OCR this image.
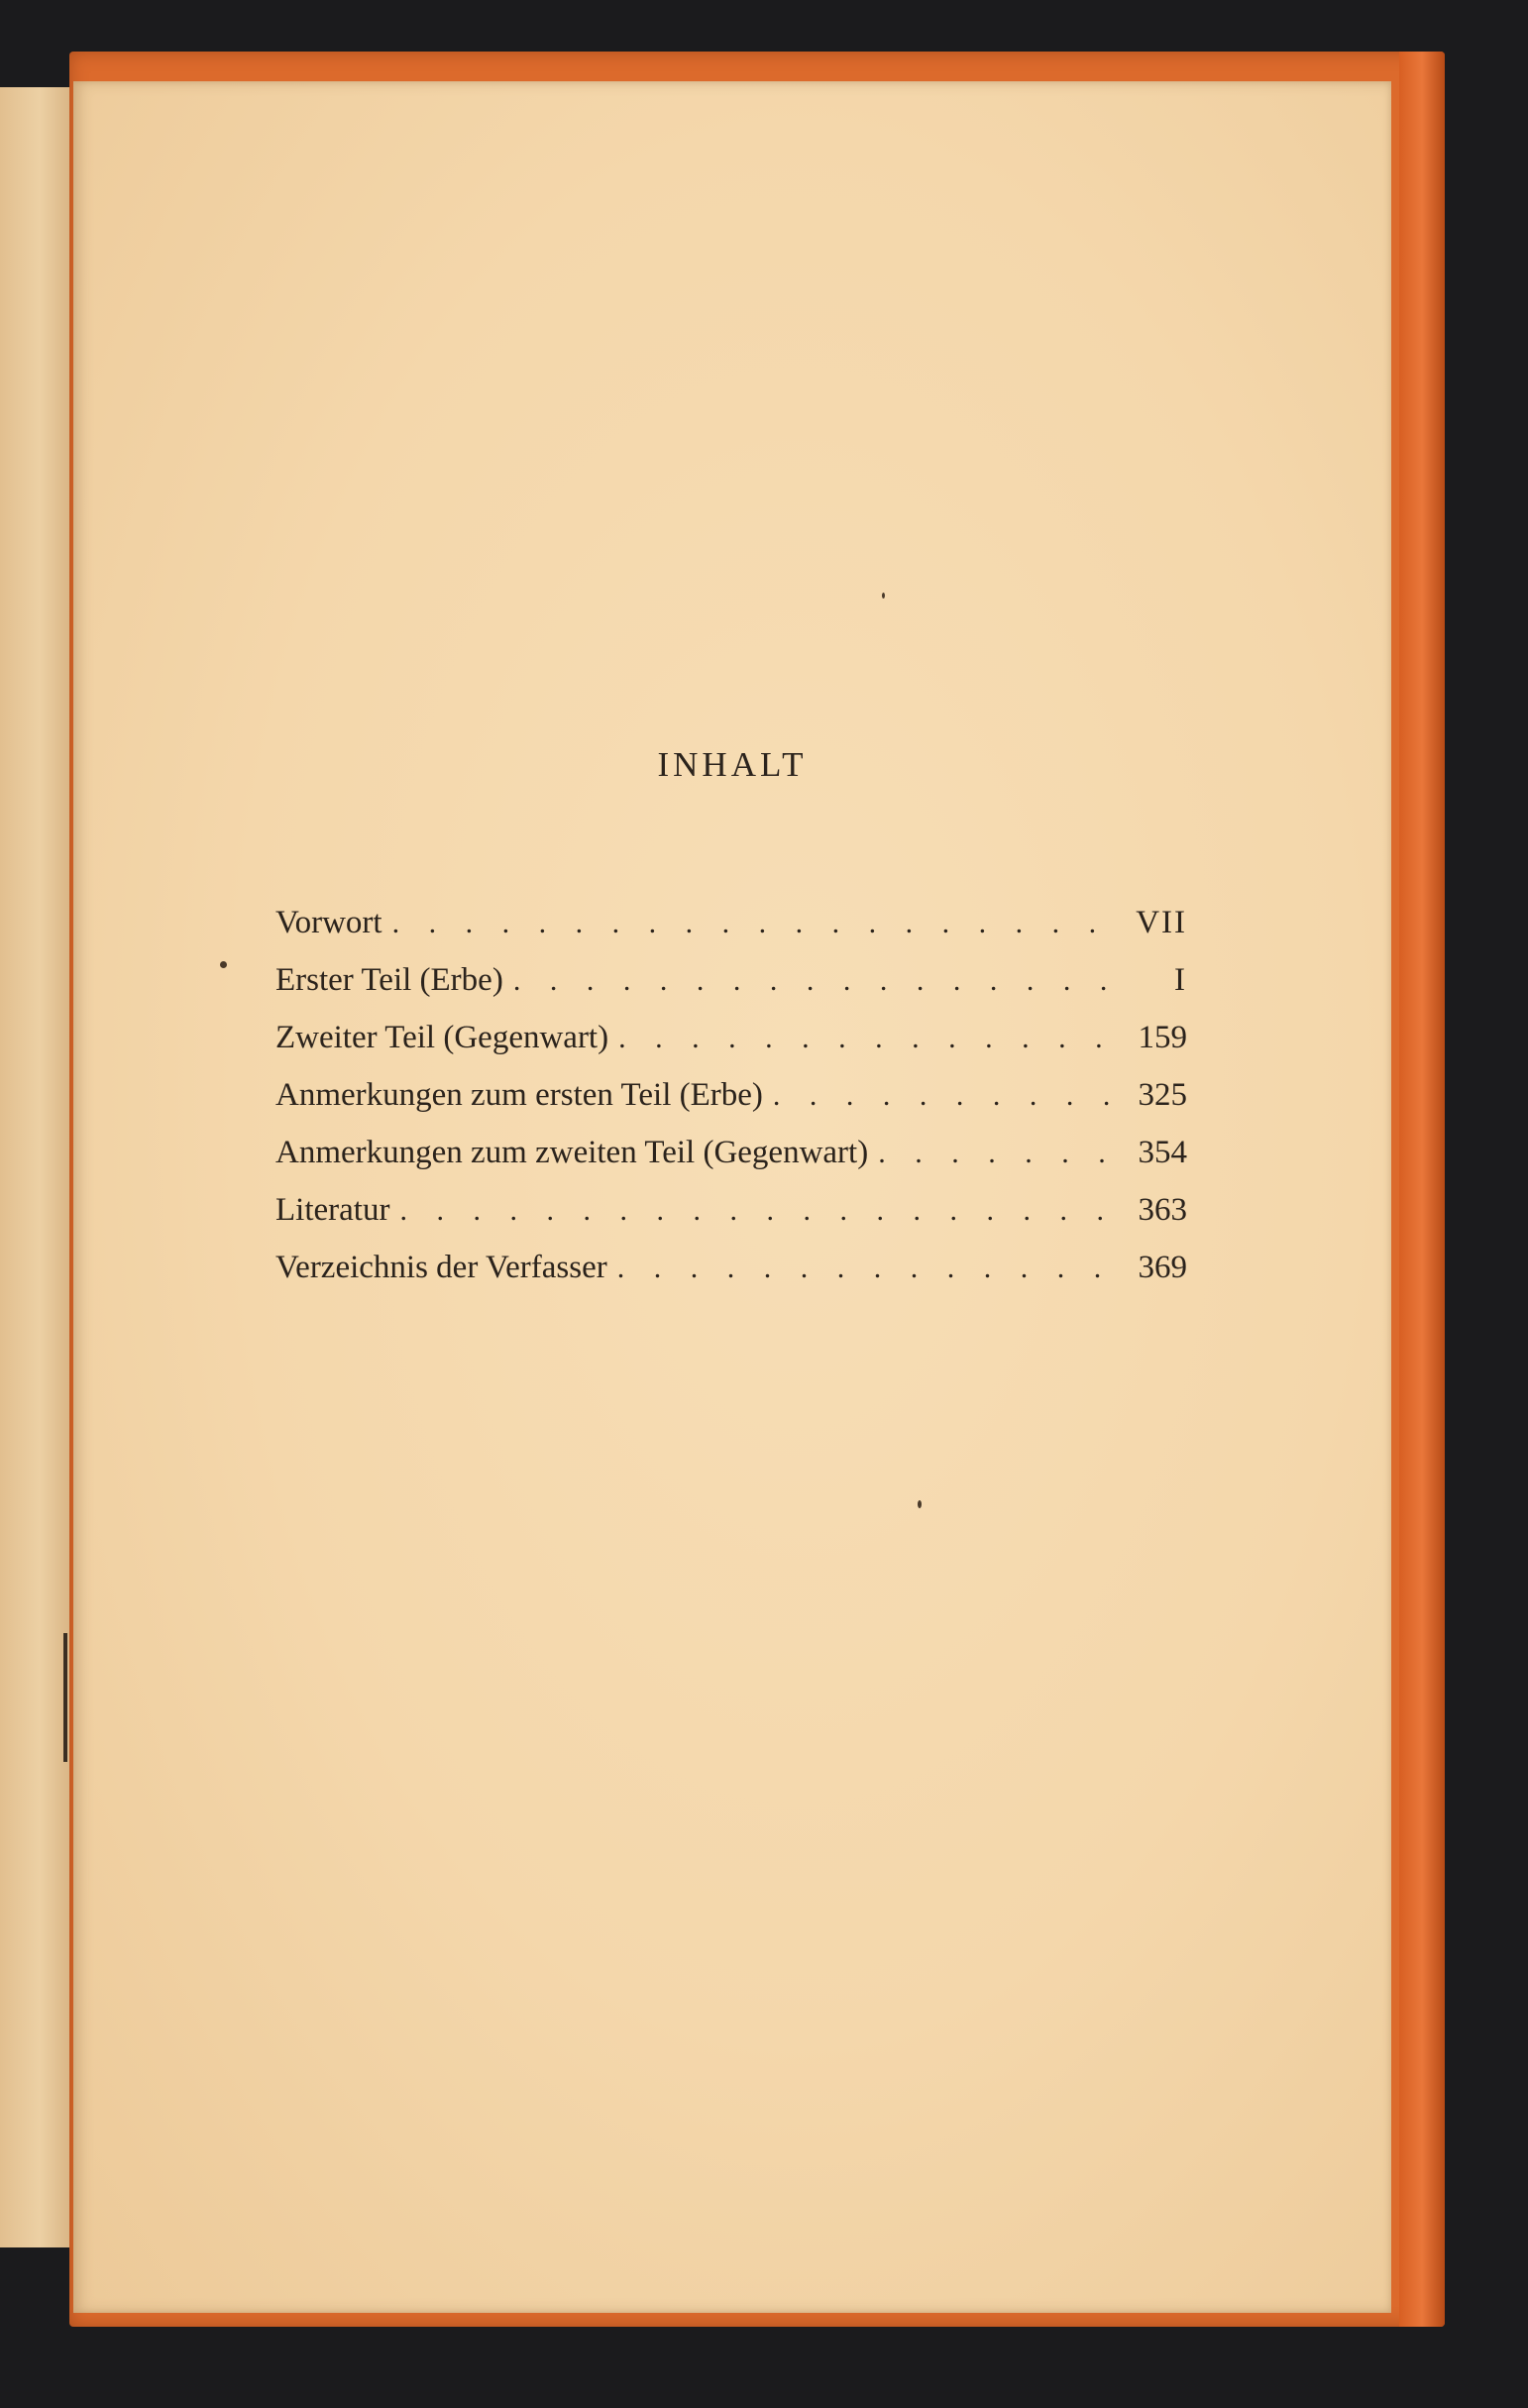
INHALT
Vorwort . . .	VII
Erster Teil (Erbe) . . .	I
Zweiter Teil (Gegenwart) . . .	159
Anmerkungen zum ersten Teil (Erbe) . . .	325
Anmerkungen zum zweiten Teil (Gegenwart) . . .	354
Literatur . . .	363
Verzeichnis der Verfasser . . .	369
